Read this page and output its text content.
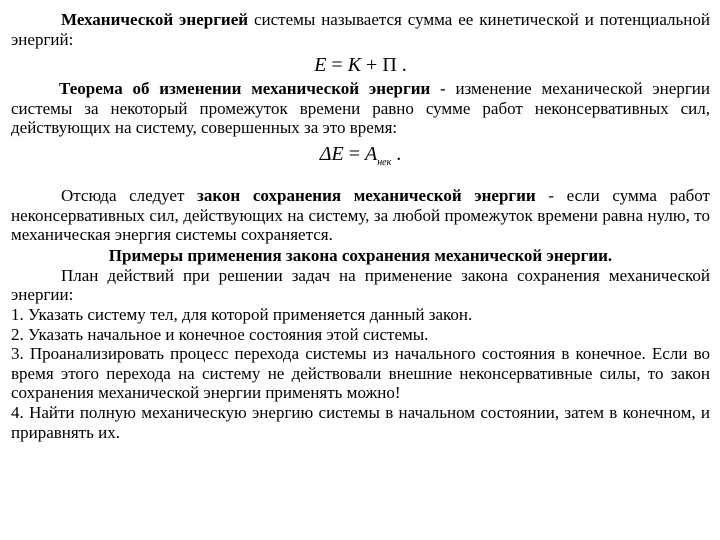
Механической энергией системы называется сумма ее кинетической и потенциальной энергий:

E = K + П .

Теорема об изменении механической энергии - изменение механической энергии системы за некоторый промежуток времени равно сумме работ неконсервативных сил, действующих на систему, совершенных за это время:

$\Delta E = A_{нек}$ .

Отсюда следует закон сохранения механической энергии - если сумма работ неконсервативных сил, действующих на систему, за любой промежуток времени равна нулю, то механическая энергия системы сохраняется.

Примеры применения закона сохранения механической энергии.

План действий при решении задач на применение закона сохранения механической энергии:

1. Указать систему тел, для которой применяется данный закон.

2. Указать начальное и конечное состояния этой системы.

3. Проанализировать процесс перехода системы из начального состояния в конечное. Если во время этого перехода на систему не действовали внешние неконсервативные силы, то закон сохранения механической энергии применять можно!

4. Найти полную механическую энергию системы в начальном состоянии, затем в конечном, и приравнять их.
